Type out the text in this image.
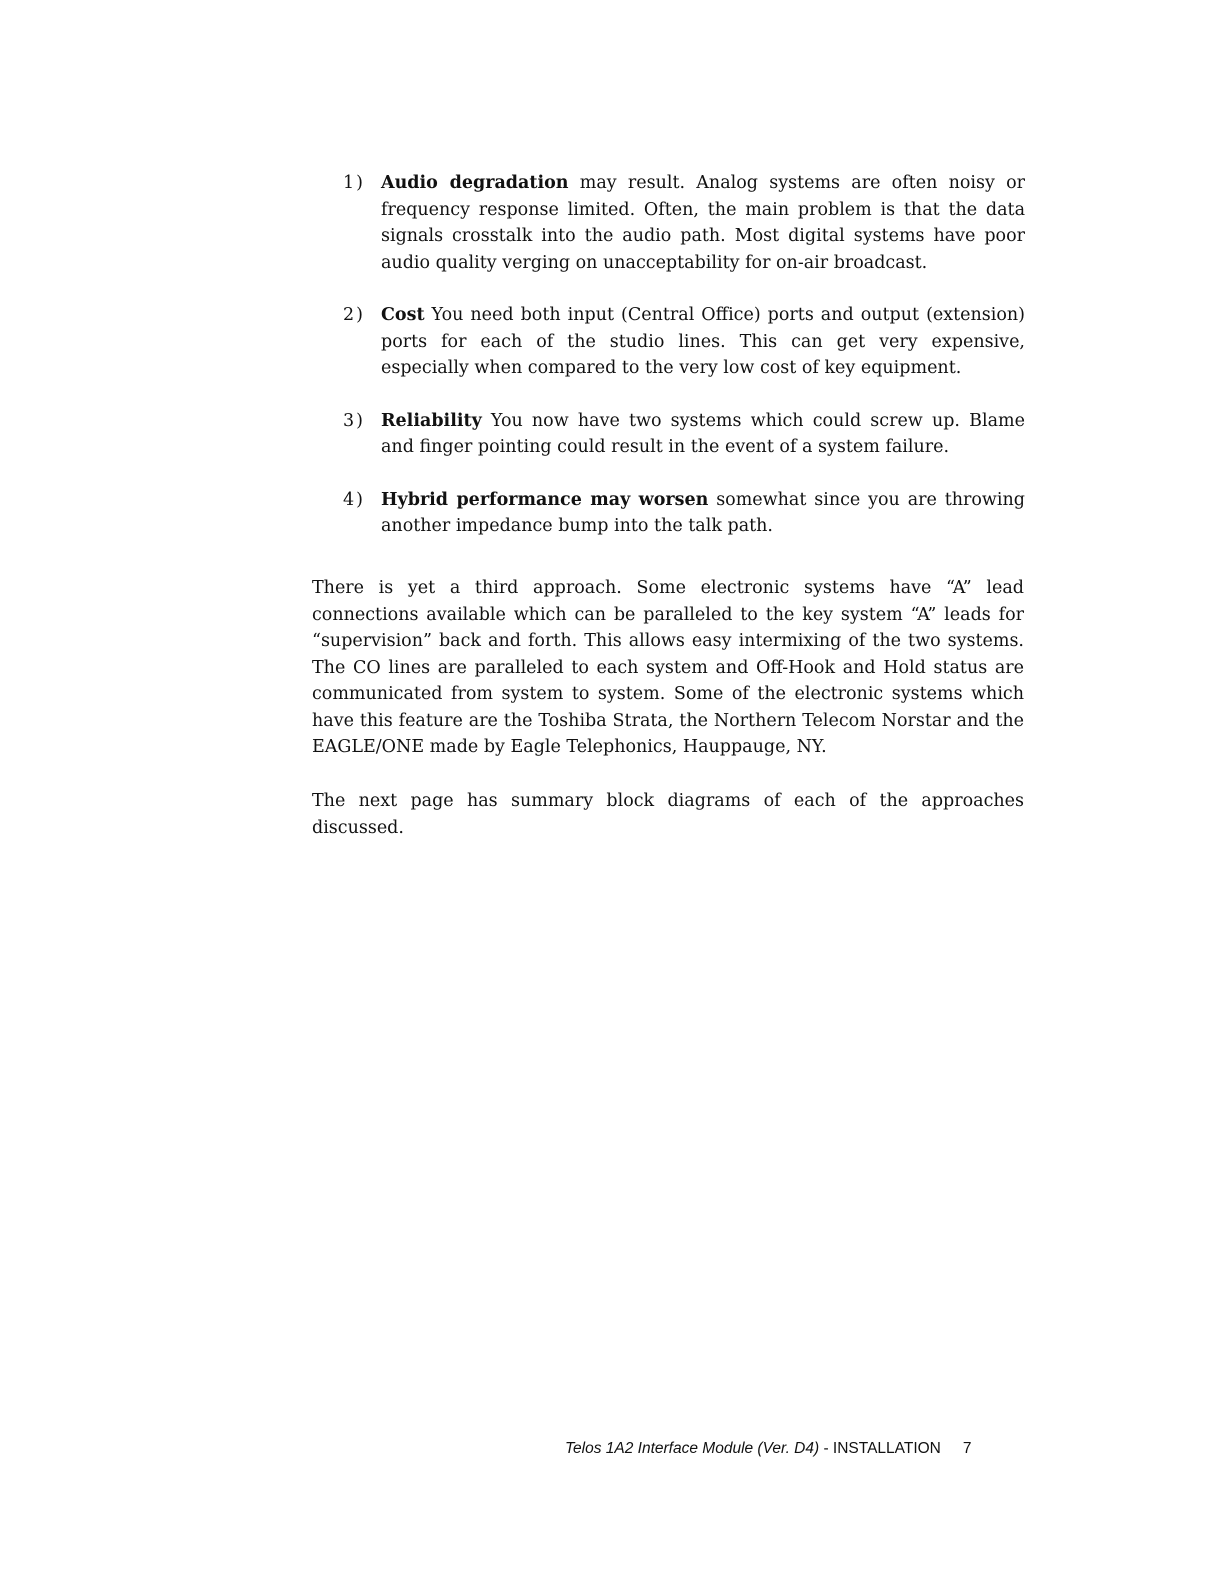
1) Audio degradation may result. Analog systems are often noisy or frequency response limited. Often, the main problem is that the data signals crosstalk into the audio path. Most digital systems have poor audio quality verging on unacceptability for on-air broadcast.
2) Cost You need both input (Central Office) ports and output (extension) ports for each of the studio lines. This can get very expensive, especially when compared to the very low cost of key equipment.
3) Reliability You now have two systems which could screw up. Blame and finger pointing could result in the event of a system failure.
4) Hybrid performance may worsen somewhat since you are throwing another impedance bump into the talk path.

There is yet a third approach. Some electronic systems have “A” lead connections available which can be paralleled to the key system “A” leads for “supervision” back and forth. This allows easy intermixing of the two systems. The CO lines are paralleled to each system and Off-Hook and Hold status are communicated from system to system. Some of the electronic systems which have this feature are the Toshiba Strata, the Northern Telecom Norstar and the EAGLE/ONE made by Eagle Telephonics, Hauppauge, NY.

The next page has summary block diagrams of each of the approaches discussed.

Telos 1A2 Interface Module (Ver. D4) - INSTALLATION 7
